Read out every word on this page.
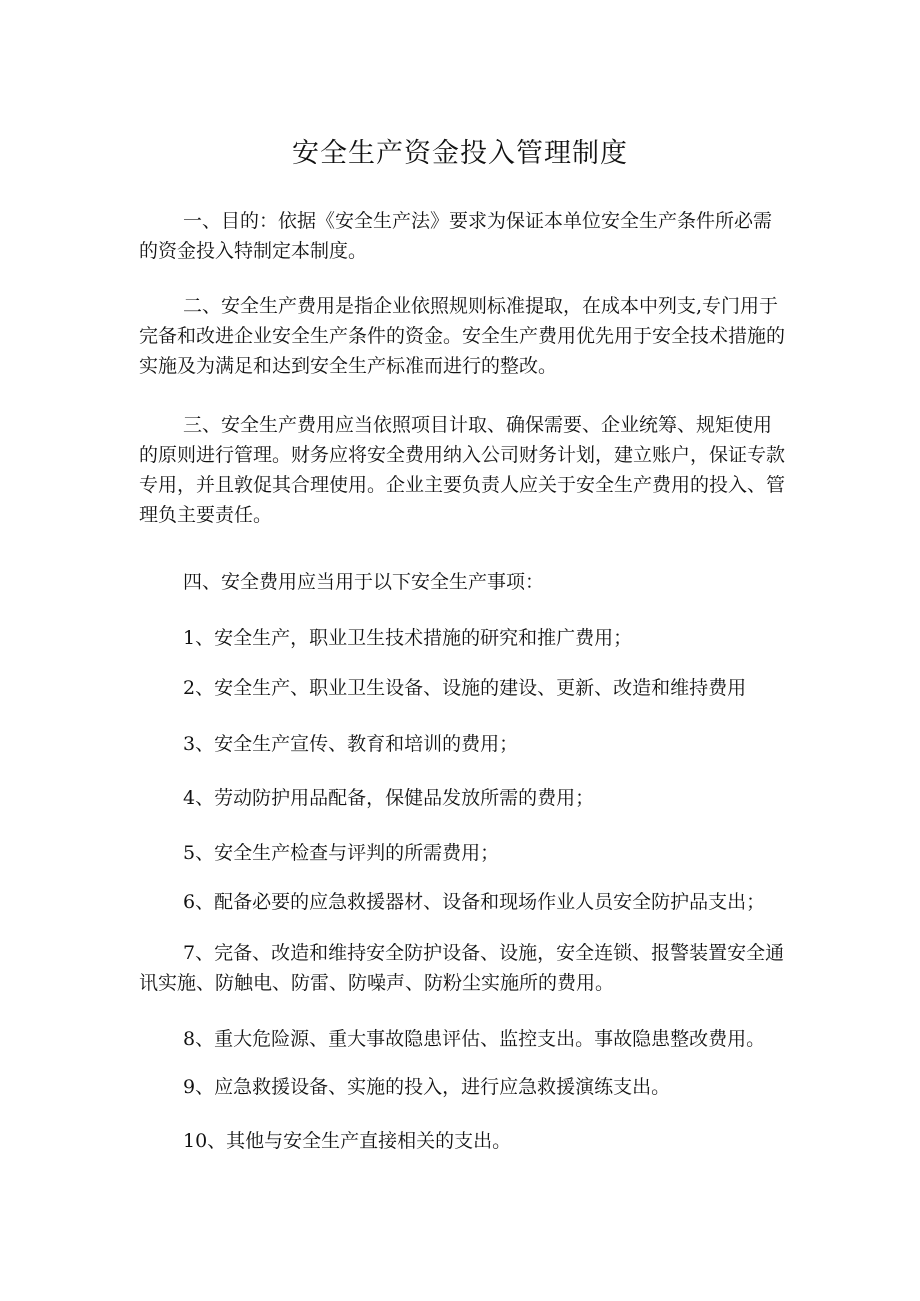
安全生产资金投入管理制度
一、目的：依据《安全生产法》要求为保证本单位安全生产条件所必需的资金投入特制定本制度。
二、安全生产费用是指企业依照规则标准提取，在成本中列支,专门用于完备和改进企业安全生产条件的资金。安全生产费用优先用于安全技术措施的实施及为满足和达到安全生产标准而进行的整改。
三、安全生产费用应当依照项目计取、确保需要、企业统筹、规矩使用的原则进行管理。财务应将安全费用纳入公司财务计划，建立账户，保证专款专用，并且敦促其合理使用。企业主要负责人应关于安全生产费用的投入、管理负主要责任。
四、安全费用应当用于以下安全生产事项：
1、安全生产，职业卫生技术措施的研究和推广费用；
2、安全生产、职业卫生设备、设施的建设、更新、改造和维持费用
3、安全生产宣传、教育和培训的费用；
4、劳动防护用品配备，保健品发放所需的费用；
5、安全生产检查与评判的所需费用；
6、配备必要的应急救援器材、设备和现场作业人员安全防护品支出；
7、完备、改造和维持安全防护设备、设施，安全连锁、报警装置安全通讯实施、防触电、防雷、防噪声、防粉尘实施所的费用。
8、重大危险源、重大事故隐患评估、监控支出。事故隐患整改费用。
9、应急救援设备、实施的投入，进行应急救援演练支出。
10、其他与安全生产直接相关的支出。
